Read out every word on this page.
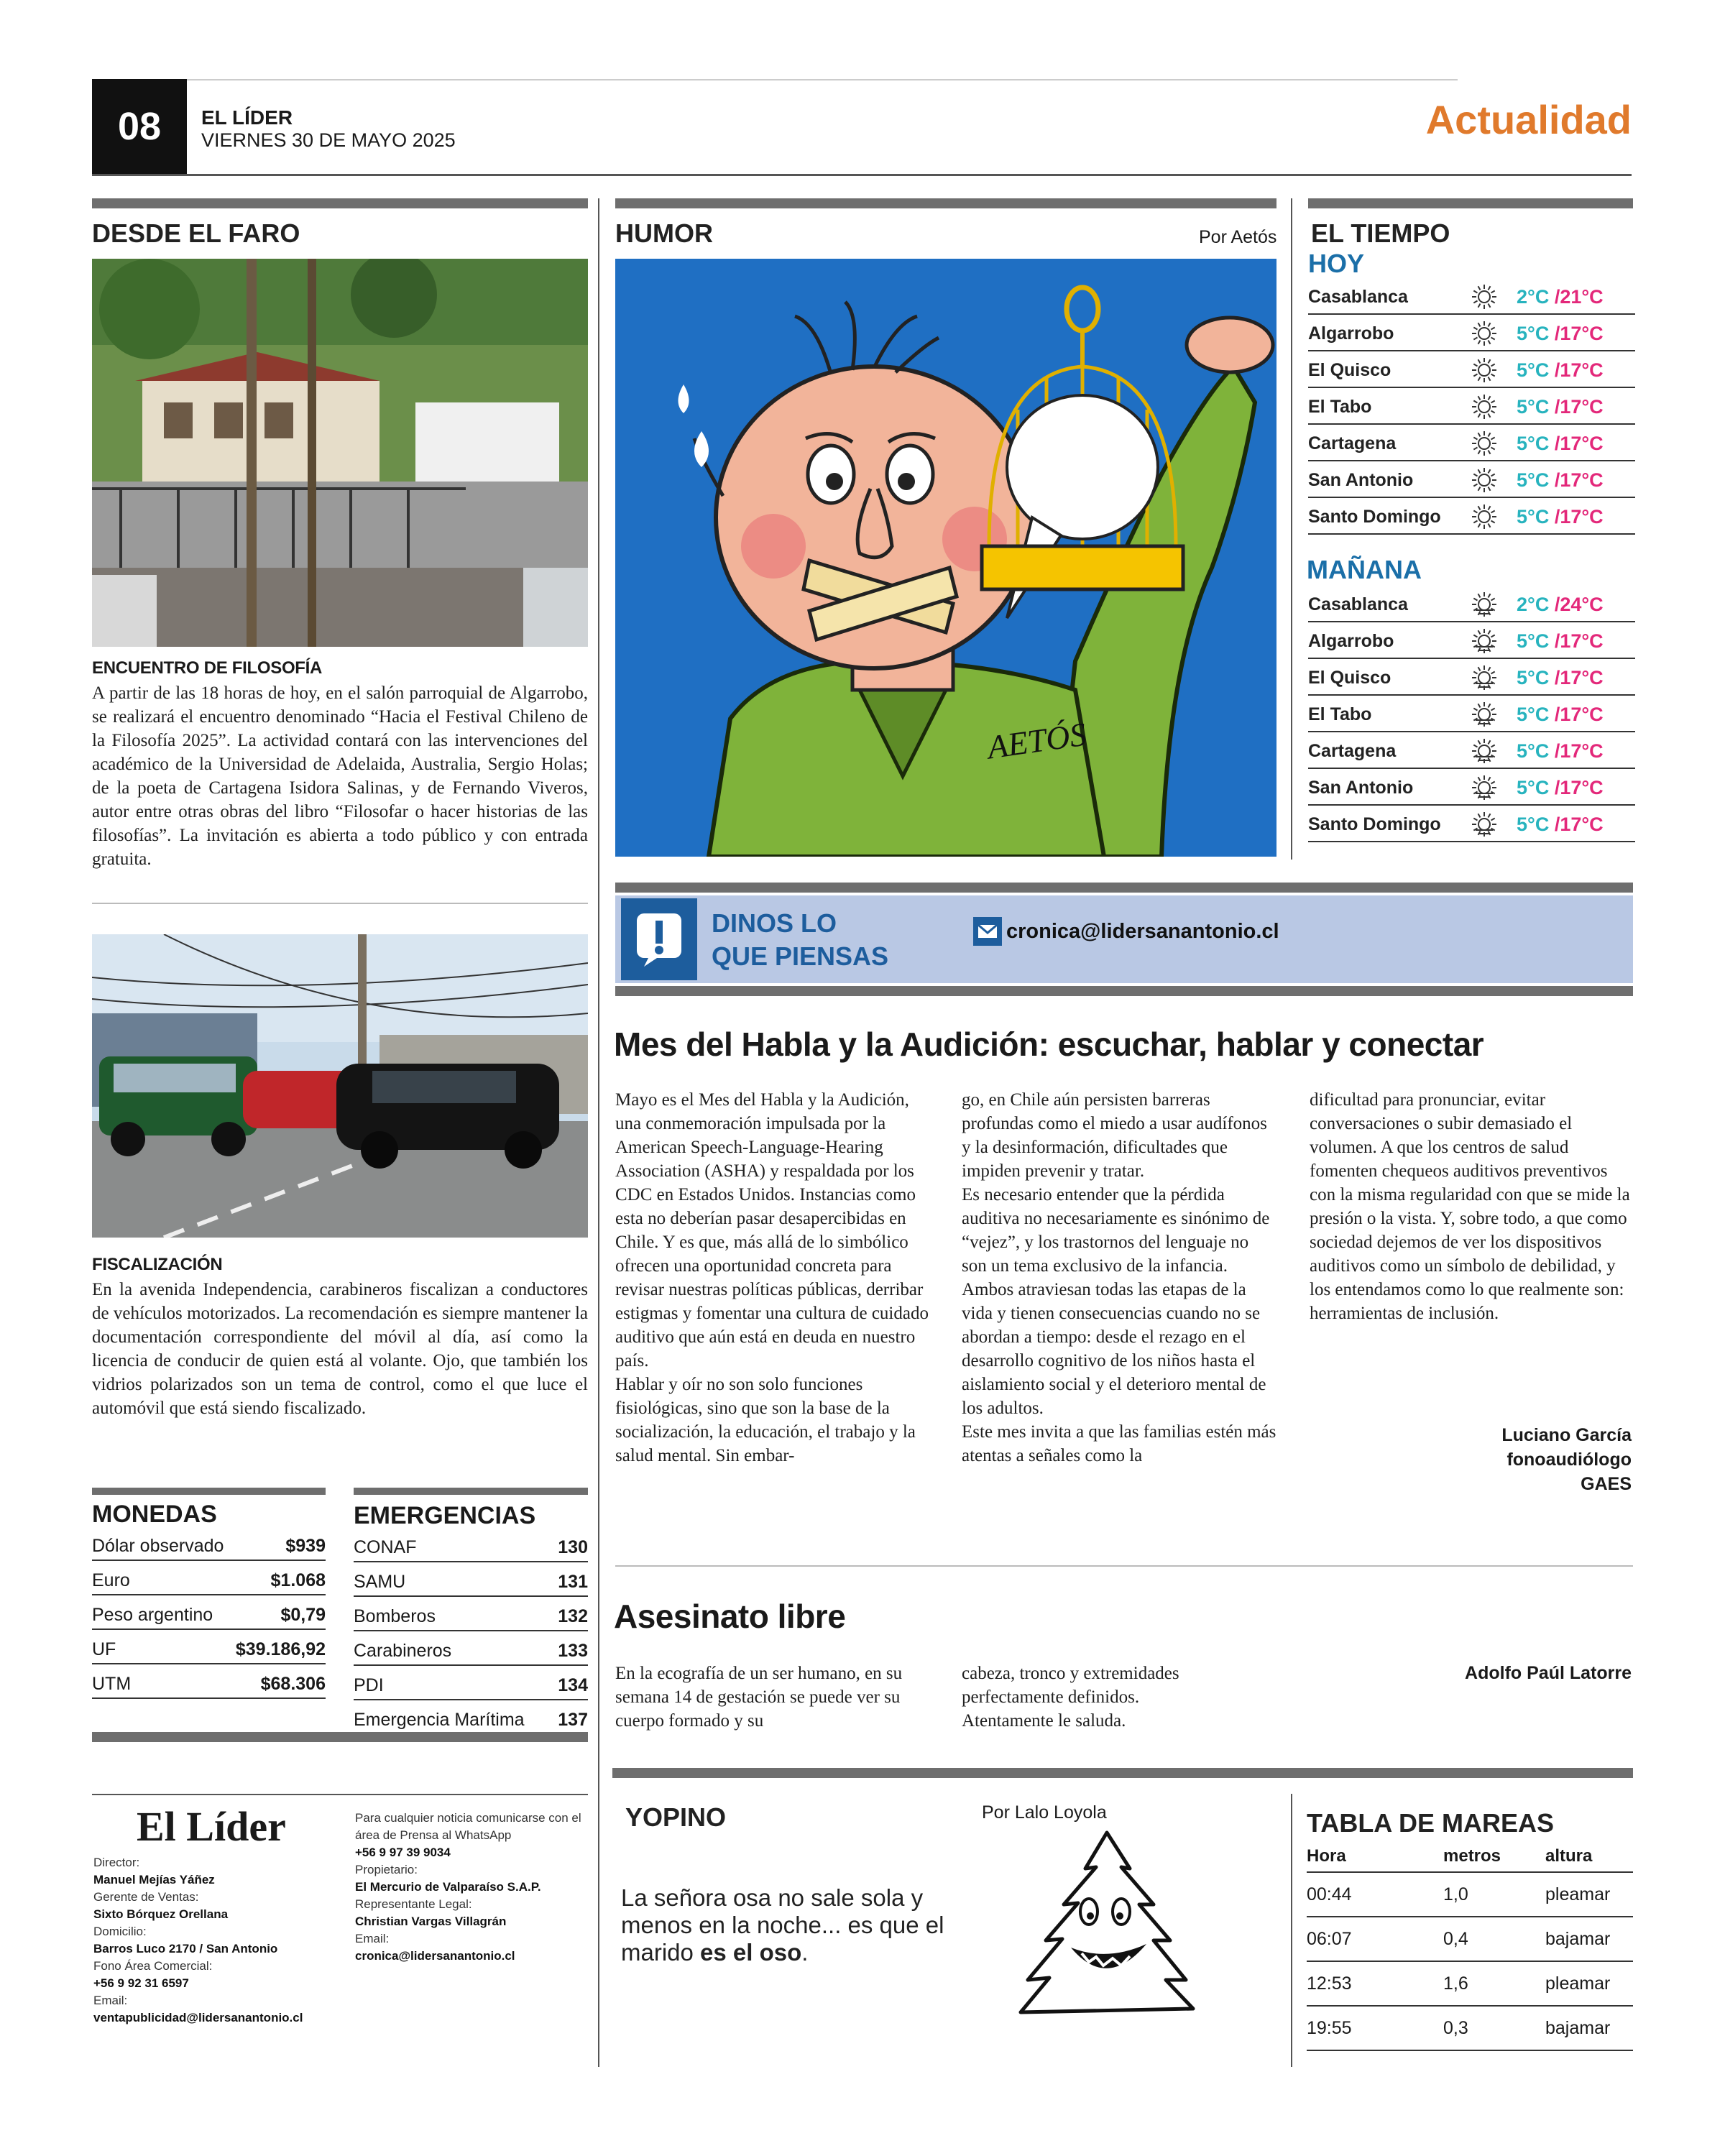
08 EL LÍDER
VIERNES 30 DE MAYO 2025	Actualidad
DESDE EL FARO
ENCUENTRO DE FILOSOFÍA
A partir de las 18 horas de hoy, en el salón parroquial de Algarrobo, se realizará el encuentro denominado “Hacia el Festival Chileno de la Filosofía 2025”. La actividad contará con las intervenciones del académico de la Universidad de Adelaida, Australia, Sergio Holas; de la poeta de Cartagena Isidora Salinas, y de Fernando Viveros, autor entre otras obras del libro “Filosofar o hacer historias de las filosofías”. La invitación es abierta a todo público y con entrada gratuita.
FISCALIZACIÓN
En la avenida Independencia, carabineros fiscalizan a conductores de vehículos motorizados. La recomendación es siempre mantener la documentación correspondiente del móvil al día, así como la licencia de conducir de quien está al volante. Ojo, que también los vidrios polarizados son un tema de control, como el que luce el automóvil que está siendo fiscalizado.
MONEDAS
Dólar observado	$939
Euro	$1.068
Peso argentino	$0,79
UF	$39.186,92
UTM	$68.306
EMERGENCIAS
CONAF	130
SAMU	131
Bomberos	132
Carabineros	133
PDI	134
Emergencia Marítima 137
El Líder
Director:
Manuel Mejías Yáñez
Gerente de Ventas:
Sixto Bórquez Orellana
Domicilio:
Barros Luco 2170 / San Antonio
Fono Área Comercial:
+56 9 92 31 6597
Email:
ventapublicidad@lidersanantonio.cl
Para cualquier noticia comunicarse con el área de Prensa al WhatsApp
+56 9 97 39 9034
Propietario:
El Mercurio de Valparaíso S.A.P.
Representante Legal:
Christian Vargas Villagrán
Email:
cronica@lidersanantonio.cl
HUMOR	Por Aetós
AETÓS
EL TIEMPO
HOY
Casablanca	2°C /21°C
Algarrobo	5°C /17°C
El Quisco	5°C /17°C
El Tabo	5°C /17°C
Cartagena	5°C /17°C
San Antonio	5°C /17°C
Santo Domingo	5°C /17°C
MAÑANA
Casablanca	2°C /24°C
Algarrobo	5°C /17°C
El Quisco	5°C /17°C
El Tabo	5°C /17°C
Cartagena	5°C /17°C
San Antonio	5°C /17°C
Santo Domingo	5°C /17°C
DINOS LO
QUE PIENSAS
cronica@lidersanantonio.cl
Mes del Habla y la Audición: escuchar, hablar y conectar
Mayo es el Mes del Habla y la Audición, una conmemoración impulsada por la American Speech-Language-Hearing Association (ASHA) y respaldada por los CDC en Estados Unidos. Instancias como esta no deberían pasar desapercibidas en Chile. Y es que, más allá de lo simbólico ofrecen una oportunidad concreta para revisar nuestras políticas públicas, derribar estigmas y fomentar una cultura de cuidado auditivo que aún está en deuda en nuestro país.
Hablar y oír no son solo funciones fisiológicas, sino que son la base de la socialización, la educación, el trabajo y la salud mental. Sin embar-
go, en Chile aún persisten barreras profundas como el miedo a usar audífonos y la desinformación, dificultades que impiden prevenir y tratar.
Es necesario entender que la pérdida auditiva no necesariamente es sinónimo de “vejez”, y los trastornos del lenguaje no son un tema exclusivo de la infancia. Ambos atraviesan todas las etapas de la vida y tienen consecuencias cuando no se abordan a tiempo: desde el rezago en el desarrollo cognitivo de los niños hasta el aislamiento social y el deterioro mental de los adultos.
Este mes invita a que las familias estén más atentas a señales como la
dificultad para pronunciar, evitar conversaciones o subir demasiado el volumen. A que los centros de salud fomenten chequeos auditivos preventivos con la misma regularidad con que se mide la presión o la vista. Y, sobre todo, a que como sociedad dejemos de ver los dispositivos auditivos como un símbolo de debilidad, y los entendamos como lo que realmente son: herramientas de inclusión.
Luciano García
fonoaudiólogo
GAES
Asesinato libre
En la ecografía de un ser humano, en su semana 14 de gestación se puede ver su cuerpo formado y su
cabeza, tronco y extremidades perfectamente definidos.
Atentamente le saluda.
Adolfo Paúl Latorre
YOPINO	Por Lalo Loyola
La señora osa no sale sola y menos en la noche... es que el marido es el oso.
TABLA DE MAREAS
Hora	metros	altura
00:44	1,0	pleamar
06:07	0,4	bajamar
12:53	1,6	pleamar
19:55	0,3	bajamar
